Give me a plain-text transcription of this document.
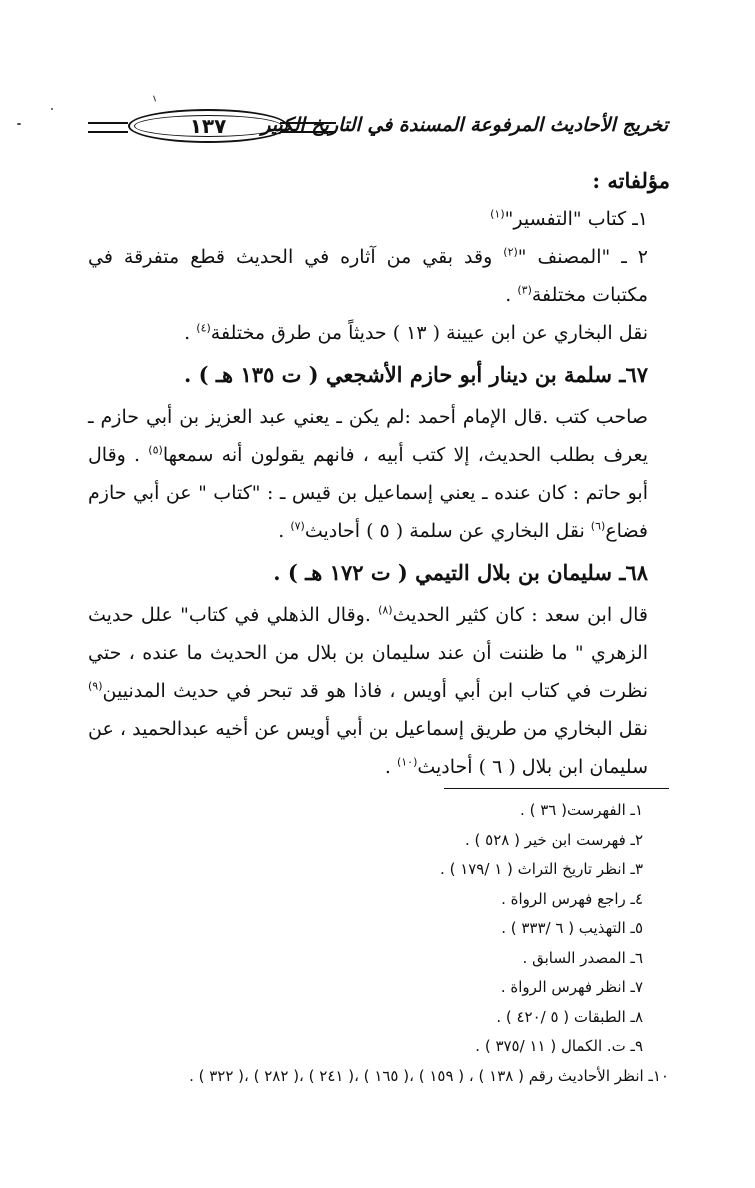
تخريج الأحاديث المرفوعة المسندة في التاريخ الكبير
١٣٧

مؤلفاته :

١ـ كتاب "التفسير"$^{(١)}$

٢ ـ "المصنف "$^{(٢)}$ وقد بقي من آثاره في الحديث قطع متفرقة في مكتبات مختلفة$^{(٣)}$ .

نقل البخاري عن ابن عيينة ( ١٣ ) حديثاً من طرق مختلفة$^{(٤)}$ .

٦٧ـ سلمة بن دينار أبو حازم الأشجعي ( ت ١٣٥ هـ ) .

صاحب كتب .قال الإمام أحمد :لم يكن ـ يعني عبد العزيز بن أبي حازم ـ يعرف بطلب الحديث، إلا كتب أبيه ، فانهم يقولون أنه سمعها$^{(٥)}$ . وقال أبو حاتم : كان عنده ـ يعني إسماعيل بن قيس ـ : "كتاب " عن أبي حازم فضاع$^{(٦)}$ نقل البخاري عن سلمة ( ٥ ) أحاديث$^{(٧)}$ .

٦٨ـ سليمان بن بلال التيمي ( ت ١٧٢ هـ ) .

قال ابن سعد : كان كثير الحديث$^{(٨)}$ .وقال الذهلي في كتاب" علل حديث الزهري " ما ظننت أن عند سليمان بن بلال من الحديث ما عنده ، حتي نظرت في كتاب ابن أبي أويس ، فاذا هو قد تبحر في حديث المدنيين$^{(٩)}$ نقل البخاري من طريق إسماعيل بن أبي أويس عن أخيه عبدالحميد ، عن سليمان ابن بلال ( ٦ ) أحاديث$^{(١٠)}$ .

١ـ الفهرست( ٣٦ ) .

٢ـ فهرست ابن خير ( ٥٢٨ ) .

٣ـ انظر تاريخ التراث ( ١ /١٧٩ ) .

٤ـ راجع فهرس الرواة .

٥ـ التهذيب ( ٦ /٣٣٣ ) .

٦ـ المصدر السابق .

٧ـ انظر فهرس الرواة .

٨ـ الطبقات ( ٥ /٤٢٠ ) .

٩ـ ت. الكمال ( ١١ /٣٧٥ ) .

١٠ـ انظر الأحاديث رقم ( ١٣٨ ) ، ( ١٥٩ ) ،( ١٦٥ ) ،( ٢٤١ ) ،( ٢٨٢ ) ،( ٣٢٢ ) .
